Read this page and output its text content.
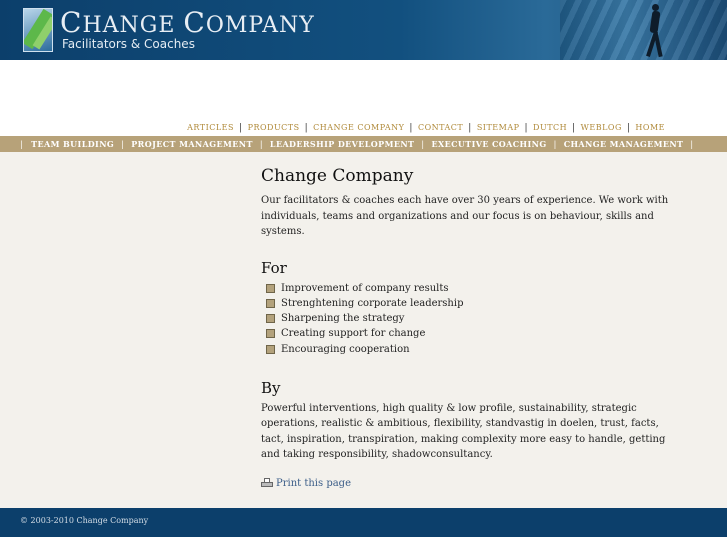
CHANGE COMPANY
Facilitators & Coaches
ARTICLES | PRODUCTS | CHANGE COMPANY | CONTACT | SITEMAP | DUTCH | WEBLOG | HOME
| TEAM BUILDING | PROJECT MANAGEMENT | LEADERSHIP DEVELOPMENT | EXECUTIVE COACHING | CHANGE MANAGEMENT |
Change Company

Our facilitators & coaches each have over 30 years of experience. We work with individuals, teams and organizations and our focus is on behaviour, skills and systems.

For
Improvement of company results
Strenghtening corporate leadership
Sharpening the strategy
Creating support for change
Encouraging cooperation
By

Powerful interventions, high quality & low profile, sustainability, strategic operations, realistic & ambitious, flexibility, standvastig in doelen, trust, facts, tact, inspiration, transpiration, making complexity more easy to handle, getting and taking responsibility, shadowconsultancy.

Print this page
© 2003-2010 Change Company
